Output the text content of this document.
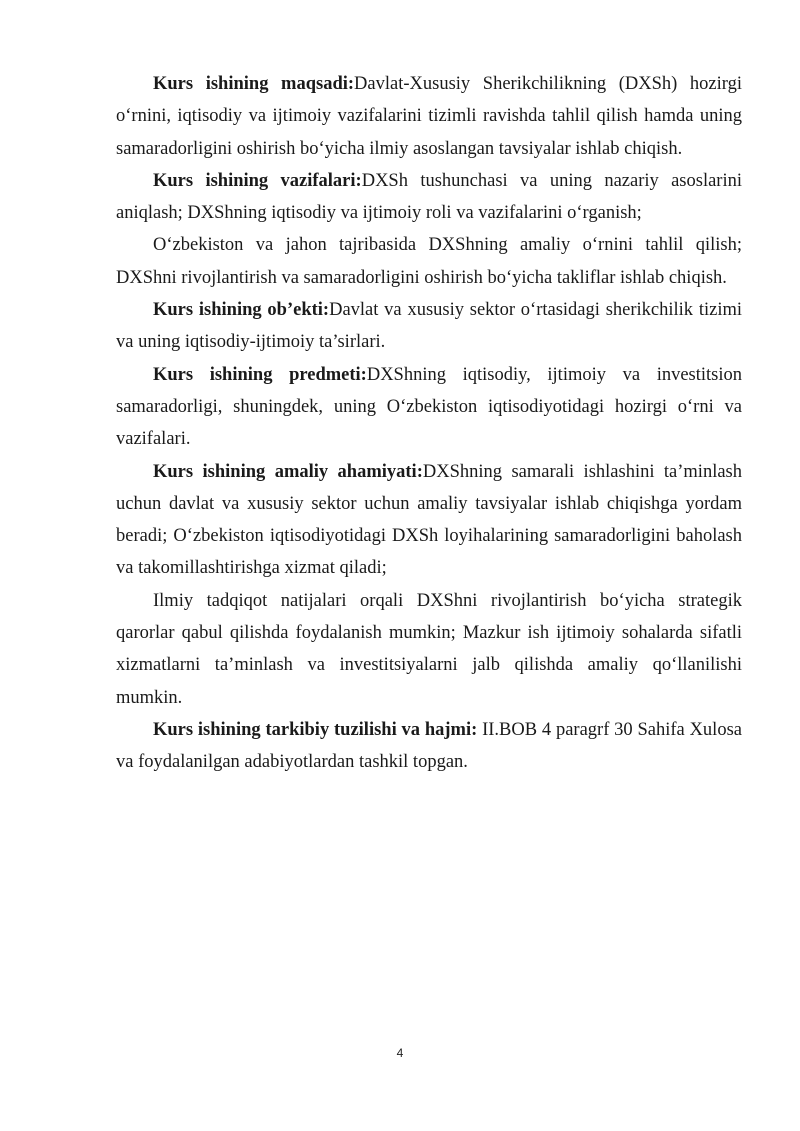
Kurs ishining maqsadi:Davlat-Xususiy Sherikchilikning (DXSh) hozirgi o‘rnini, iqtisodiy va ijtimoiy vazifalarini tizimli ravishda tahlil qilish hamda uning samaradorligini oshirish bo‘yicha ilmiy asoslangan tavsiyalar ishlab chiqish.

Kurs ishining vazifalari:DXSh tushunchasi va uning nazariy asoslarini aniqlash; DXShning iqtisodiy va ijtimoiy roli va vazifalarini o‘rganish;

O‘zbekiston va jahon tajribasida DXShning amaliy o‘rnini tahlil qilish; DXShni rivojlantirish va samaradorligini oshirish bo‘yicha takliflar ishlab chiqish.

Kurs ishining ob’ekti:Davlat va xususiy sektor o‘rtasidagi sherikchilik tizimi va uning iqtisodiy-ijtimoiy ta’sirlari.

Kurs ishining predmeti:DXShning iqtisodiy, ijtimoiy va investitsion samaradorligi, shuningdek, uning O‘zbekiston iqtisodiyotidagi hozirgi o‘rni va vazifalari.

Kurs ishining amaliy ahamiyati:DXShning samarali ishlashini ta’minlash uchun davlat va xususiy sektor uchun amaliy tavsiyalar ishlab chiqishga yordam beradi; O‘zbekiston iqtisodiyotidagi DXSh loyihalarining samaradorligini baholash va takomillashtirishga xizmat qiladi;

Ilmiy tadqiqot natijalari orqali DXShni rivojlantirish bo‘yicha strategik qarorlar qabul qilishda foydalanish mumkin; Mazkur ish ijtimoiy sohalarda sifatli xizmatlarni ta’minlash va investitsiyalarni jalb qilishda amaliy qo‘llanilishi mumkin.

Kurs ishining tarkibiy tuzilishi va hajmi: II.BOB 4 paragrf 30 Sahifa Xulosa va foydalanilgan adabiyotlardan tashkil topgan.

4
